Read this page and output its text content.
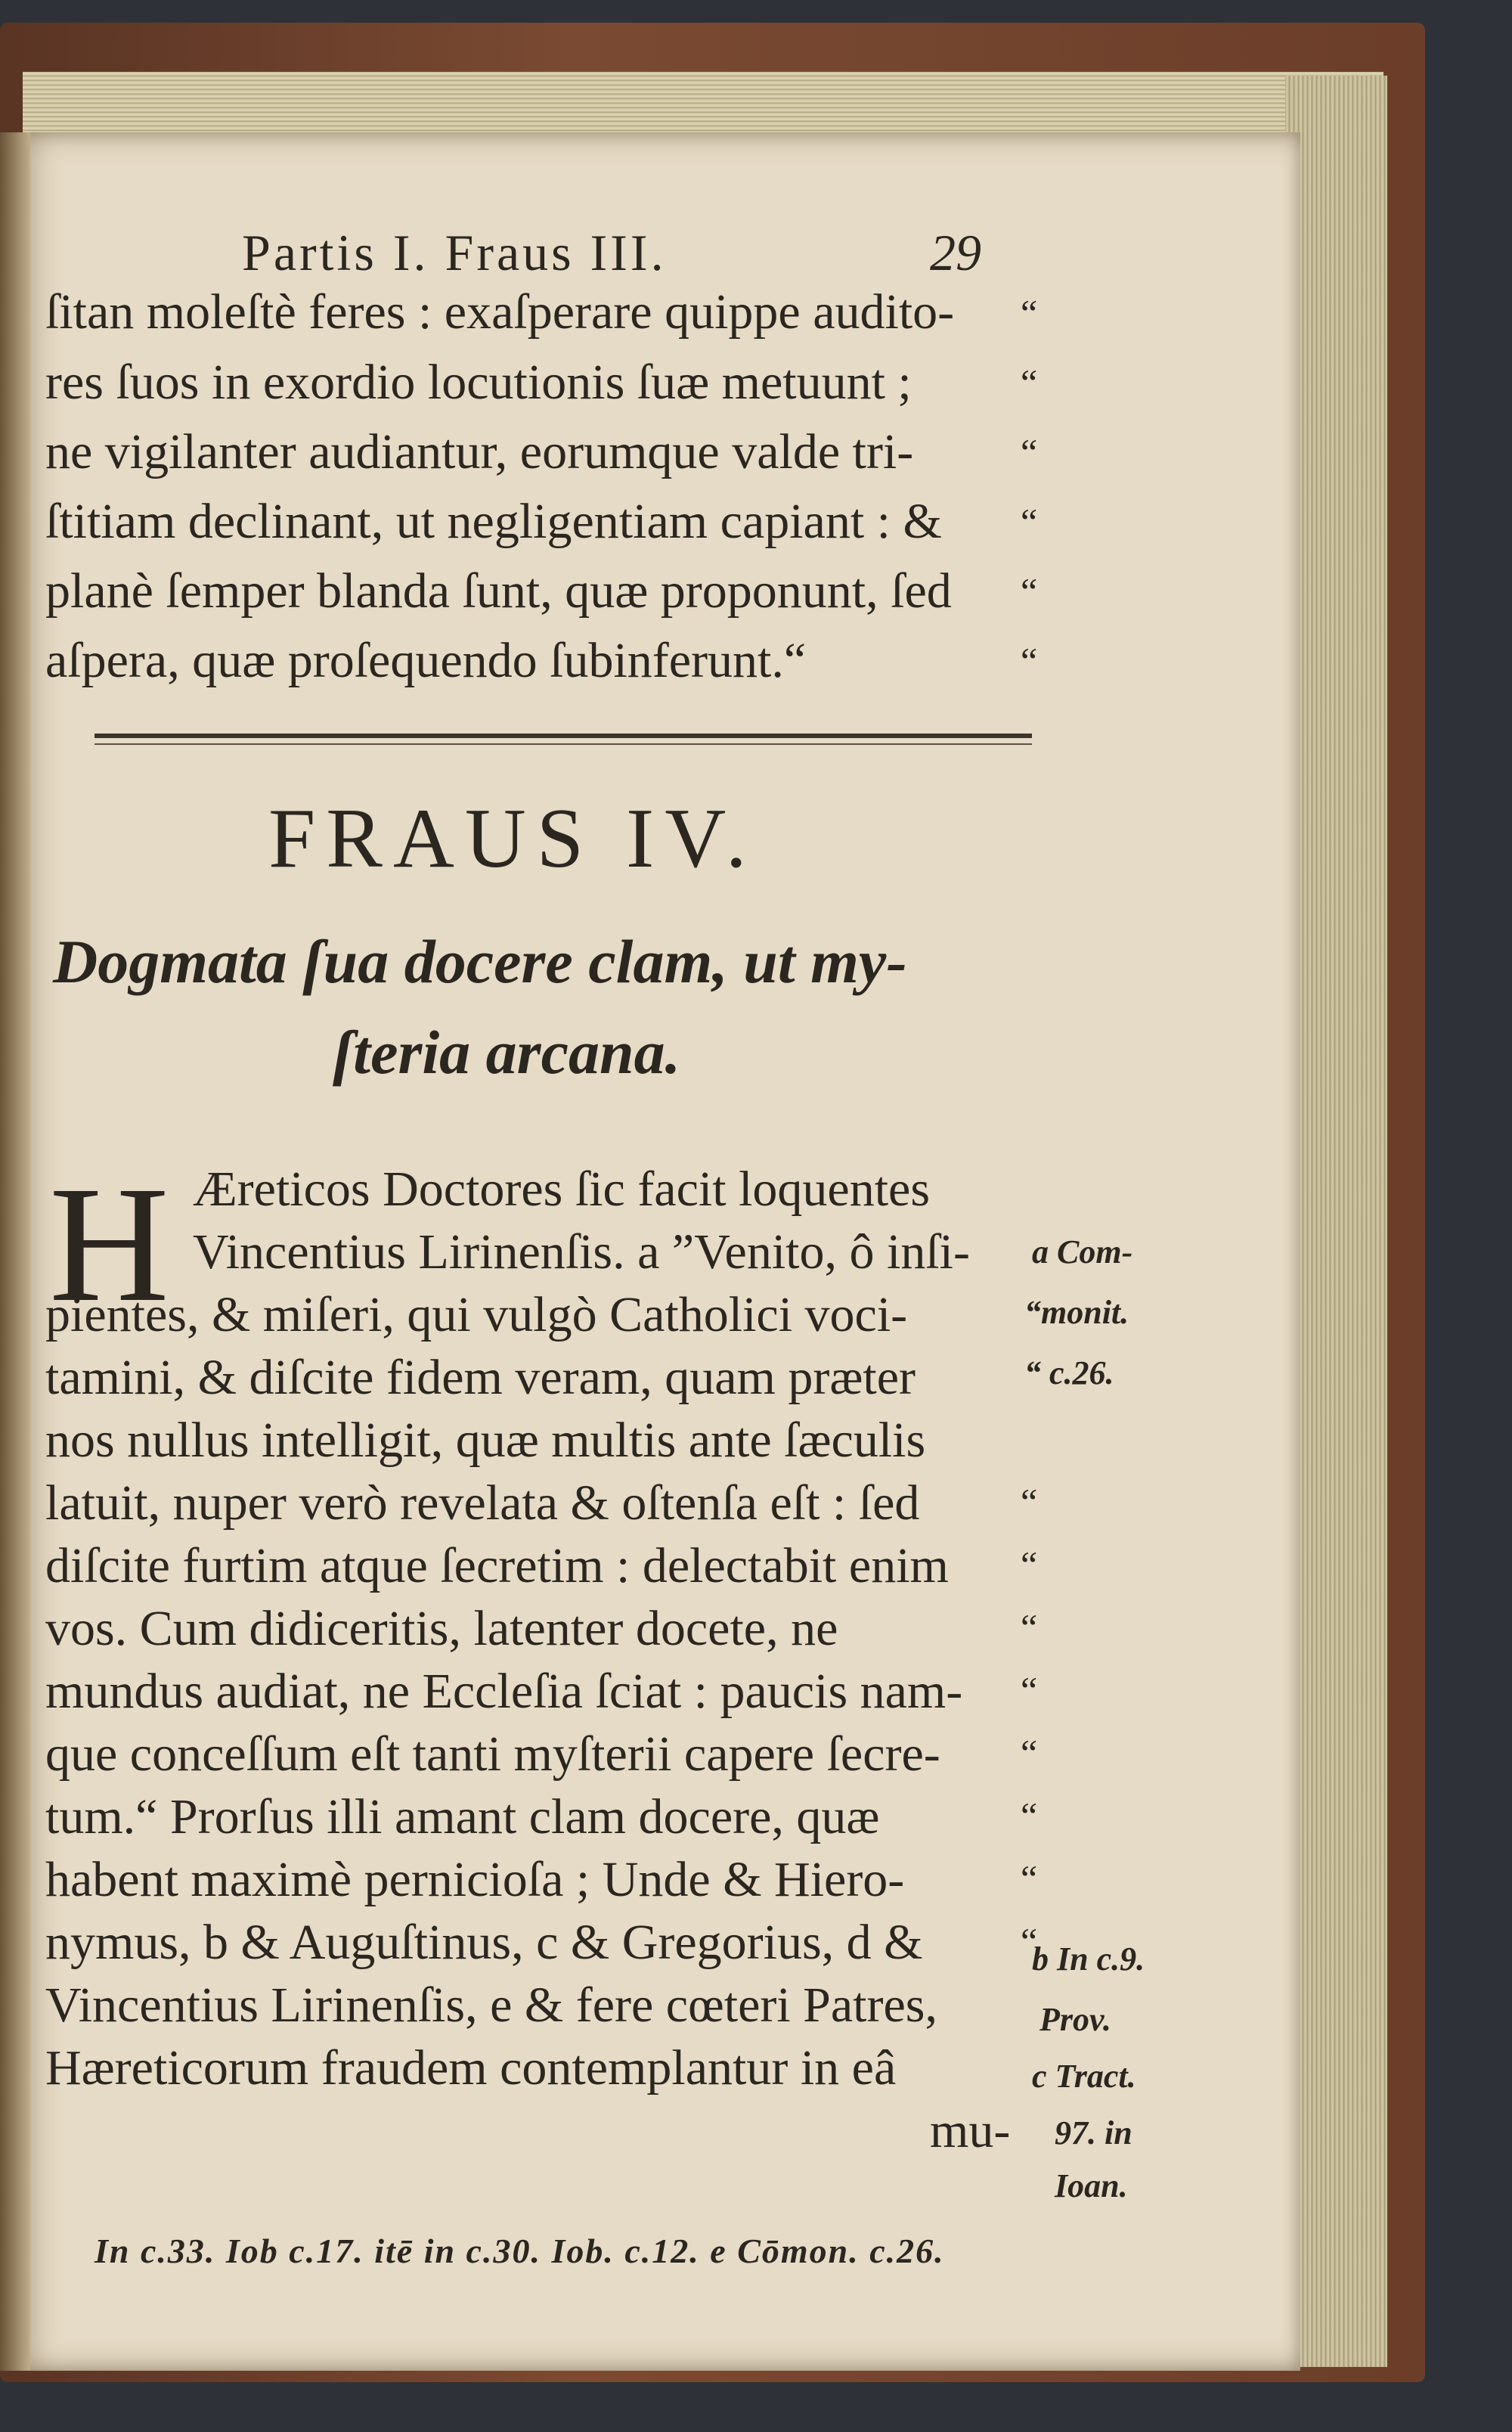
Partis I. Fraus III.	29
ſitan moleſtè feres : exaſperare quippe audito-
res ſuos in exordio locutionis ſuæ metuunt ;
ne vigilanter audiantur, eorumque valde tri-
ſtitiam declinant, ut negligentiam capiant : &
planè ſemper blanda ſunt, quæ proponunt, ſed
aſpera, quæ proſequendo ſubinferunt.“
“
“
“
“
“
“
FRAUS IV.
Dogmata ſua docere clam, ut my-
ſteria arcana.
H Æreticos Doctores ſic facit loquentes
Vincentius Lirinenſis. a ”Venito, ô inſi-
pientes, & miſeri, qui vulgò Catholici voci-
tamini, & diſcite fidem veram, quam præter
nos nullus intelligit, quæ multis ante ſæculis
latuit, nuper verò revelata & oſtenſa eſt : ſed
diſcite furtim atque ſecretim : delectabit enim
vos. Cum didiceritis, latenter docete, ne
mundus audiat, ne Eccleſia ſciat : paucis nam-
que conceſſum eſt tanti myſterii capere ſecre-
tum.“ Prorſus illi amant clam docere, quæ
habent maximè pernicioſa ; Unde & Hiero-
nymus, b & Auguſtinus, c & Gregorius, d &
Vincentius Lirinenſis, e & fere cœteri Patres,
Hæreticorum fraudem contemplantur in eâ
mu-
“
“
“
“
“
“
“
“
a Com-
“monit.
“ c.26.
b In c.9.
Prov.
c Tract.
97. in
Ioan.
In c.33. Iob c.17. itē in c.30. Iob. c.12. e Cōmon. c.26.
